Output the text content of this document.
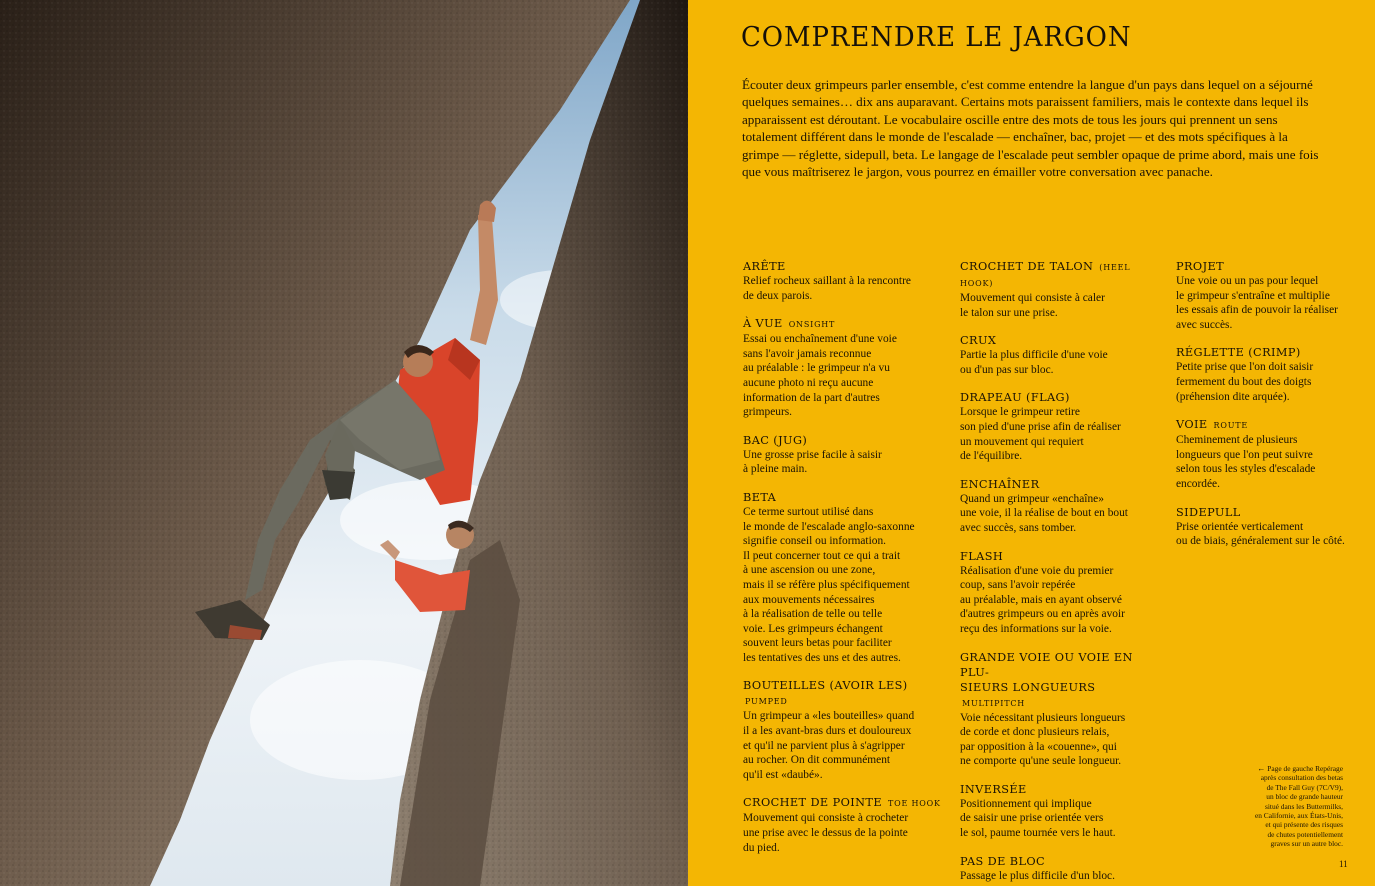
COMPRENDRE LE JARGON

Écouter deux grimpeurs parler ensemble, c'est comme entendre la langue d'un pays dans lequel on a séjourné quelques semaines… dix ans auparavant. Certains mots paraissent familiers, mais le contexte dans lequel ils apparaissent est déroutant. Le vocabulaire oscille entre des mots de tous les jours qui prennent un sens totalement différent dans le monde de l'escalade — enchaîner, bac, projet — et des mots spécifiques à la grimpe — réglette, sidepull, beta. Le langage de l'escalade peut sembler opaque de prime abord, mais une fois que vous maîtriserez le jargon, vous pourrez en émailler votre conversation avec panache.

ARÊTE

Relief rocheux saillant à la rencontre
de deux parois.

À VUE ONSIGHT

Essai ou enchaînement d'une voie
sans l'avoir jamais reconnue
au préalable : le grimpeur n'a vu
aucune photo ni reçu aucune
information de la part d'autres
grimpeurs.

BAC (JUG)

Une grosse prise facile à saisir
à pleine main.

BETA

Ce terme surtout utilisé dans
le monde de l'escalade anglo-saxonne
signifie conseil ou information.
Il peut concerner tout ce qui a trait
à une ascension ou une zone,
mais il se réfère plus spécifiquement
aux mouvements nécessaires
à la réalisation de telle ou telle
voie. Les grimpeurs échangent
souvent leurs betas pour faciliter
les tentatives des uns et des autres.

BOUTEILLES (AVOIR LES) PUMPED

Un grimpeur a «les bouteilles» quand
il a les avant-bras durs et douloureux
et qu'il ne parvient plus à s'agripper
au rocher. On dit communément
qu'il est «daubé».

CROCHET DE POINTE TOE HOOK

Mouvement qui consiste à crocheter
une prise avec le dessus de la pointe
du pied.

CROCHET DE TALON (HEEL HOOK)

Mouvement qui consiste à caler
le talon sur une prise.

CRUX

Partie la plus difficile d'une voie
ou d'un pas sur bloc.

DRAPEAU (FLAG)

Lorsque le grimpeur retire
son pied d'une prise afin de réaliser
un mouvement qui requiert
de l'équilibre.

ENCHAÎNER

Quand un grimpeur «enchaîne»
une voie, il la réalise de bout en bout
avec succès, sans tomber.

FLASH

Réalisation d'une voie du premier
coup, sans l'avoir repérée
au préalable, mais en ayant observé
d'autres grimpeurs ou en après avoir
reçu des informations sur la voie.

GRANDE VOIE OU VOIE EN PLU-
SIEURS LONGUEURS MULTIPITCH

Voie nécessitant plusieurs longueurs
de corde et donc plusieurs relais,
par opposition à la «couenne», qui
ne comporte qu'une seule longueur.

INVERSÉE

Positionnement qui implique
de saisir une prise orientée vers
le sol, paume tournée vers le haut.

PAS DE BLOC

Passage le plus difficile d'un bloc.

PROJET

Une voie ou un pas pour lequel
le grimpeur s'entraîne et multiplie
les essais afin de pouvoir la réaliser
avec succès.

RÉGLETTE (CRIMP)

Petite prise que l'on doit saisir
fermement du bout des doigts
(préhension dite arquée).

VOIE ROUTE

Cheminement de plusieurs
longueurs que l'on peut suivre
selon tous les styles d'escalade
encordée.

SIDEPULL

Prise orientée verticalement
ou de biais, généralement sur le côté.

← Page de gauche Repérage
après consultation des betas
de The Fall Guy (7C/V9),
un bloc de grande hauteur
situé dans les Buttermilks,
en Californie, aux États-Unis,
et qui présente des risques
de chutes potentiellement
graves sur un autre bloc.
11
